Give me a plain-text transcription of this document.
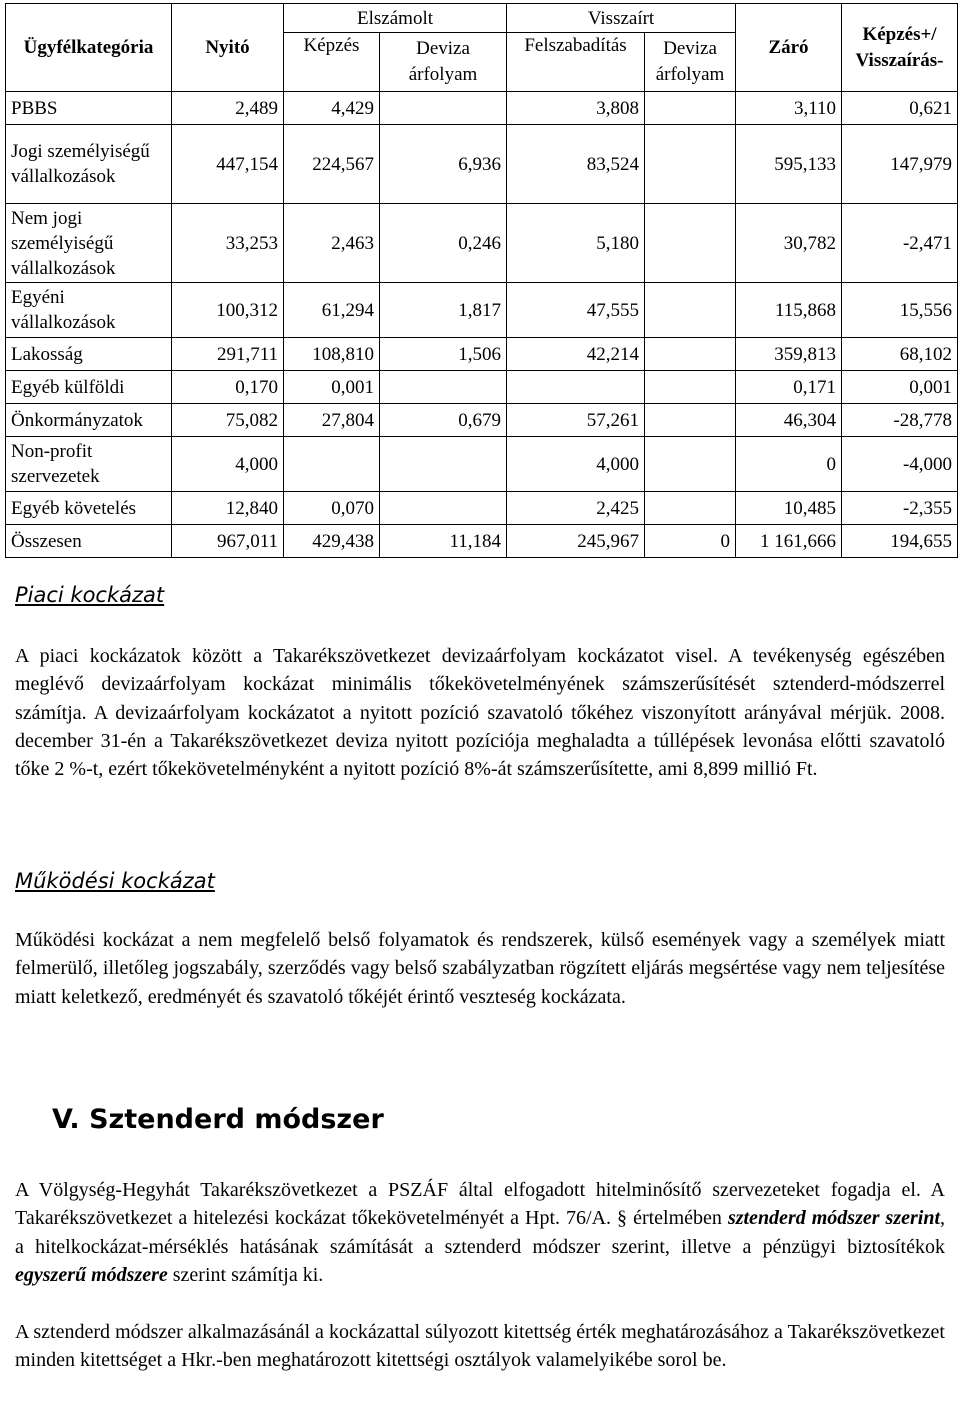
Ügyfélkategória	Nyitó	Elszámolt		Visszaírt		Záró	Képzés+/ Visszaírás-
		Képzés	Deviza árfolyam	Felszabadítás	Deviza árfolyam		
PBBS	2,489	4,429		3,808		3,110	0,621
Jogi személyiségű vállalkozások	447,154	224,567	6,936	83,524		595,133	147,979
Nem jogi személyiségű vállalkozások	33,253	2,463	0,246	5,180		30,782	-2,471
Egyéni vállalkozások	100,312	61,294	1,817	47,555		115,868	15,556
Lakosság	291,711	108,810	1,506	42,214		359,813	68,102
Egyéb külföldi	0,170	0,001				0,171	0,001
Önkormányzatok	75,082	27,804	0,679	57,261		46,304	-28,778
Non-profit szervezetek	4,000			4,000		0	-4,000
Egyéb követelés	12,840	0,070		2,425		10,485	-2,355
Összesen	967,011	429,438	11,184	245,967	0	1 161,666	194,655
Piaci kockázat
A piaci kockázatok között a Takarékszövetkezet devizaárfolyam kockázatot visel. A tevékenység egészében meglévő devizaárfolyam kockázat minimális tőkekövetelményének számszerűsítését sztenderd-módszerrel számítja. A devizaárfolyam kockázatot a nyitott pozíció szavatoló tőkéhez viszonyított arányával mérjük. 2008. december 31-én a Takarékszövetkezet deviza nyitott pozíciója meghaladta a túllépések levonása előtti szavatoló tőke 2 %-t, ezért tőkekövetelményként a nyitott pozíció 8%-át számszerűsítette, ami 8,899 millió Ft.
Működési kockázat
Működési kockázat a nem megfelelő belső folyamatok és rendszerek, külső események vagy a személyek miatt felmerülő, illetőleg jogszabály, szerződés vagy belső szabályzatban rögzített eljárás megsértése vagy nem teljesítése miatt keletkező, eredményét és szavatoló tőkéjét érintő veszteség kockázata.
V. Sztenderd módszer
A Völgység-Hegyhát Takarékszövetkezet a PSZÁF által elfogadott hitelminősítő szervezeteket fogadja el. A Takarékszövetkezet a hitelezési kockázat tőkekövetelményét a Hpt. 76/A. § értelmében sztenderd módszer szerint, a hitelkockázat-mérséklés hatásának számítását a sztenderd módszer szerint, illetve a pénzügyi biztosítékok egyszerű módszere szerint számítja ki.
A sztenderd módszer alkalmazásánál a kockázattal súlyozott kitettség érték meghatározásához a Takarékszövetkezet minden kitettséget a Hkr.-ben meghatározott kitettségi osztályok valamelyikébe sorol be.
